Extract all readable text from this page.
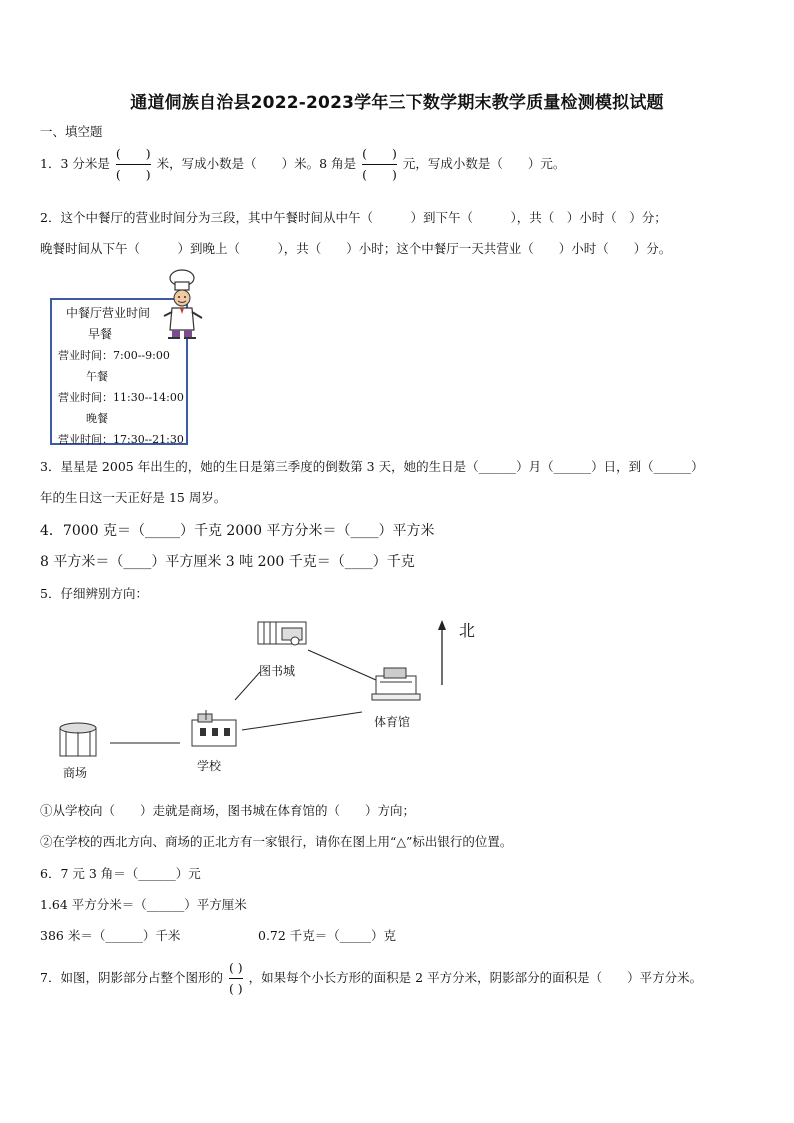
通道侗族自治县2022-2023学年三下数学期末教学质量检测模拟试题
一、填空题
1．3 分米是 $\frac{( )}{( )}$ 米，写成小数是（　　）米。8 角是 $\frac{( )}{( )}$ 元，写成小数是（　　）元。
2．这个中餐厅的营业时间分为三段，其中午餐时间从中午（　　　）到下午（　　　），共（　）小时（　）分；
晚餐时间从下午（　　　）到晚上（　　　），共（　　）小时；这个中餐厅一天共营业（　　）小时（　　）分。
中餐厅营业时间
早餐
营业时间：7:00--9:00
午餐
营业时间：11:30--14:00
晚餐
营业时间：17:30--21:30
3．星星是 2005 年出生的，她的生日是第三季度的倒数第 3 天，她的生日是（______）月（______）日，到（______）
年的生日这一天正好是 15 周岁。
4．7000 克＝（_____）千克 2000 平方分米＝（____）平方米
8 平方米＝（____）平方厘米 3 吨 200 千克＝（____）千克
5．仔细辨别方向：
北
图书城
体育馆
商场	学校
①从学校向（　　）走就是商场，图书城在体育馆的（　　）方向；
②在学校的西北方向、商场的正北方有一家银行，请你在图上用“△”标出银行的位置。
6．7 元 3 角＝（______）元
1.64 平方分米＝（______）平方厘米
386 米＝（______）千米	0.72 千克＝（_____）克
7．如图，阴影部分占整个图形的 $\frac{( )}{( )}$ ，如果每个小长方形的面积是 2 平方分米，阴影部分的面积是（　　）平方分米。
